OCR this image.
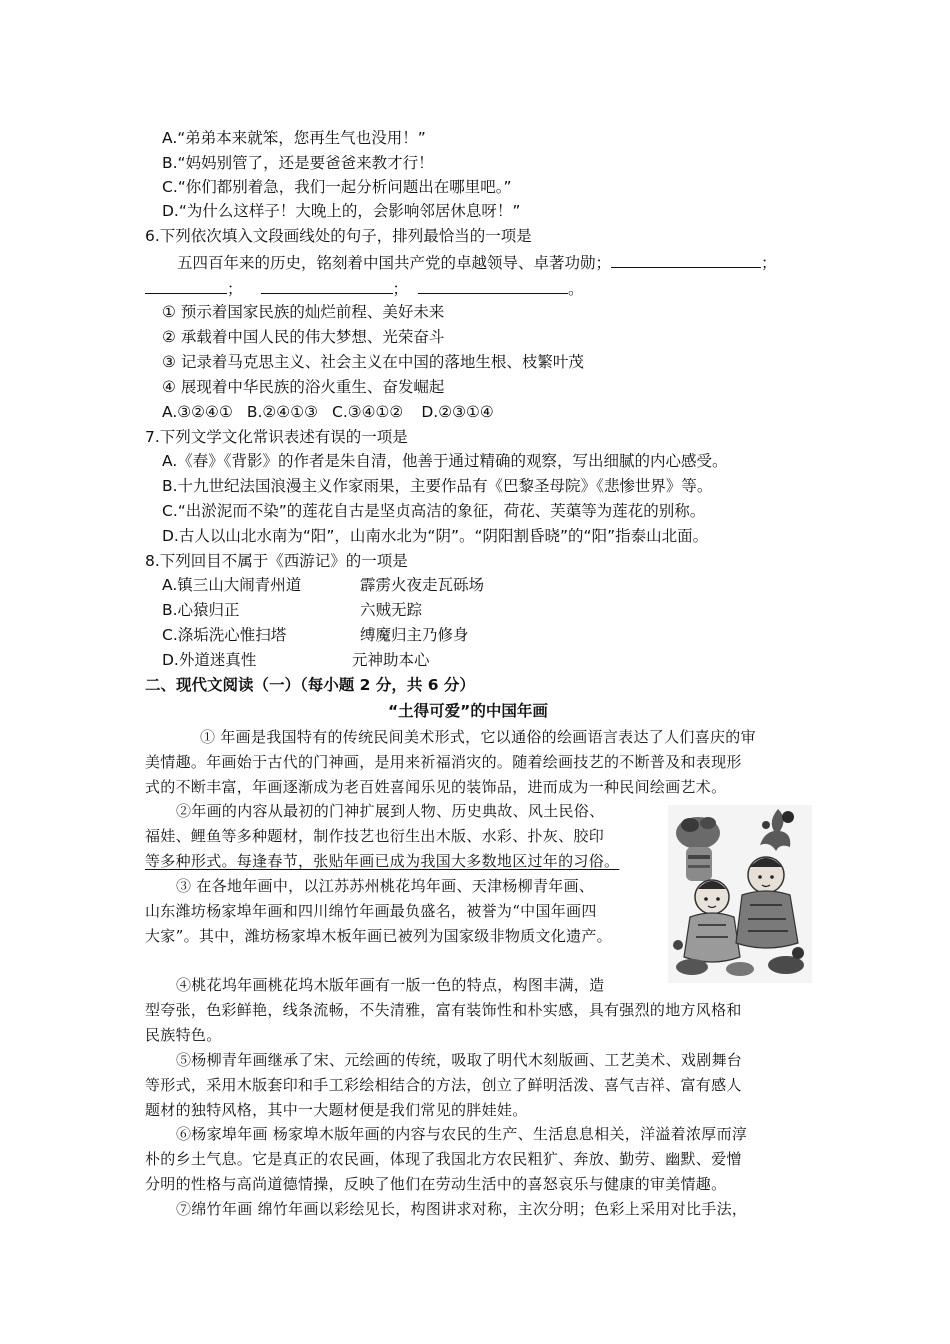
A.“弟弟本来就笨，您再生气也没用！”
B.“妈妈别管了，还是要爸爸来教才行！
C.“你们都别着急，我们一起分析问题出在哪里吧。”
D.“为什么这样子！大晚上的，会影响邻居休息呀！”
6.下列依次填入文段画线处的句子，排列最恰当的一项是
五四百年来的历史，铭刻着中国共产党的卓越领导、卓著功勋；	；
；	；	。
① 预示着国家民族的灿烂前程、美好未来
② 承载着中国人民的伟大梦想、光荣奋斗
③ 记录着马克思主义、社会主义在中国的落地生根、枝繁叶茂
④ 展现着中华民族的浴火重生、奋发崛起
A.③②④① B.②④①③ C.③④①② D.②③①④
7.下列文学文化常识表述有误的一项是
A.《春》《背影》的作者是朱自清，他善于通过精确的观察，写出细腻的内心感受。
B.十九世纪法国浪漫主义作家雨果，主要作品有《巴黎圣母院》《悲惨世界》等。
C.“出淤泥而不染”的莲花自古是坚贞高洁的象征，荷花、芙蕖等为莲花的别称。
D.古人以山北水南为“阳”，山南水北为“阴”。“阴阳割昏晓”的“阳”指泰山北面。
8.下列回目不属于《西游记》的一项是
A.镇三山大闹青州道	霹雳火夜走瓦砾场
B.心猿归正	六贼无踪
C.涤垢洗心惟扫塔	缚魔归主乃修身
D.外道迷真性	元神助本心
二、现代文阅读（一）（每小题 2 分，共 6 分）
“土得可爱”的中国年画
① 年画是我国特有的传统民间美术形式，它以通俗的绘画语言表达了人们喜庆的审
美情趣。年画始于古代的门神画，是用来祈福消灾的。随着绘画技艺的不断普及和表现形
式的不断丰富，年画逐渐成为老百姓喜闻乐见的装饰品，进而成为一种民间绘画艺术。
②年画的内容从最初的门神扩展到人物、历史典故、风土民俗、
福娃、鲤鱼等多种题材，制作技艺也衍生出木版、水彩、扑灰、胶印
等多种形式。每逢春节，张贴年画已成为我国大多数地区过年的习俗。
③ 在各地年画中，以江苏苏州桃花坞年画、天津杨柳青年画、
山东潍坊杨家埠年画和四川绵竹年画最负盛名，被誉为“中国年画四
大家”。其中，潍坊杨家埠木板年画已被列为国家级非物质文化遗产。
④桃花坞年画桃花坞木版年画有一版一色的特点，构图丰满，造
型夸张，色彩鲜艳，线条流畅，不失清雅，富有装饰性和朴实感，具有强烈的地方风格和
民族特色。
⑤杨柳青年画继承了宋、元绘画的传统，吸取了明代木刻版画、工艺美术、戏剧舞台
等形式，采用木版套印和手工彩绘相结合的方法，创立了鲜明活泼、喜气吉祥、富有感人
题材的独特风格，其中一大题材便是我们常见的胖娃娃。
⑥杨家埠年画 杨家埠木版年画的内容与农民的生产、生活息息相关，洋溢着浓厚而淳
朴的乡土气息。它是真正的农民画，体现了我国北方农民粗犷、奔放、勤劳、幽默、爱憎
分明的性格与高尚道德情操，反映了他们在劳动生活中的喜怒哀乐与健康的审美情趣。
⑦绵竹年画 绵竹年画以彩绘见长，构图讲求对称，主次分明；色彩上采用对比手法，
